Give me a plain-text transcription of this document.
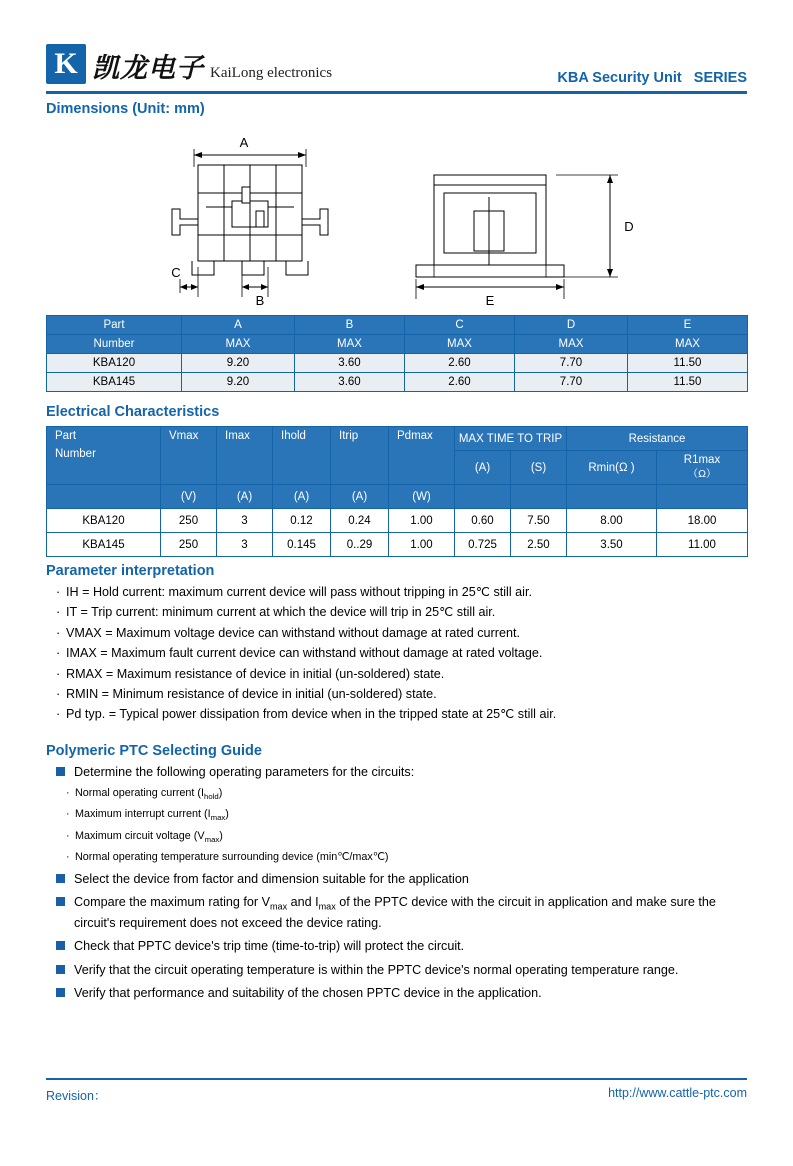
K 凯龙电子 KaiLong electronics	KBA Security Unit   SERIES
Dimensions (Unit: mm)
A
B
C
D
E
Part	A	B	C	D	E
Number	MAX	MAX	MAX	MAX	MAX
KBA120	9.20	3.60	2.60	7.70	11.50
KBA145	9.20	3.60	2.60	7.70	11.50
Electrical Characteristics
Part
Number	Vmax	Imax	Ihold	Itrip	Pdmax	MAX TIME TO TRIP		Resistance	
						(A)	(S)	Rmin(Ω )	R1max
（Ω）

	(V)	(A)	(A)	(A)	(W)				
KBA120	250	3	0.12	0.24	1.00	0.60	7.50	8.00	18.00
KBA145	250	3	0.145	0..29	1.00	0.725	2.50	3.50	11.00
Parameter interpretation
· IH = Hold current: maximum current device will pass without tripping in 25℃ still air.
· IT = Trip current: minimum current at which the device will trip in 25℃ still air.
· VMAX = Maximum voltage device can withstand without damage at rated current.
· IMAX = Maximum fault current device can withstand without damage at rated voltage.
· RMAX = Maximum resistance of device in initial (un-soldered) state.
· RMIN = Minimum resistance of device in initial (un-soldered) state.
· Pd typ. = Typical power dissipation from device when in the tripped state at 25℃ still air.
Polymeric PTC Selecting Guide
Determine the following operating parameters for the circuits:
· Normal operating current $(I_{hold})$
· Maximum interrupt current $(I_{max})$
· Maximum circuit voltage $(V_{max})$
· Normal operating temperature surrounding device (min℃/max℃)
Select the device from factor and dimension suitable for the application
Compare the maximum rating for $V_{max}$ and $I_{max}$ of the PPTC device with the circuit in application and make sure the circuit's requirement does not exceed the device rating.
Check that PPTC device's trip time (time-to-trip) will protect the circuit.
Verify that the circuit operating temperature is within the PPTC device's normal operating temperature range.
Verify that performance and suitability of the chosen PPTC device in the application.
Revision：	http://www.cattle-ptc.com
